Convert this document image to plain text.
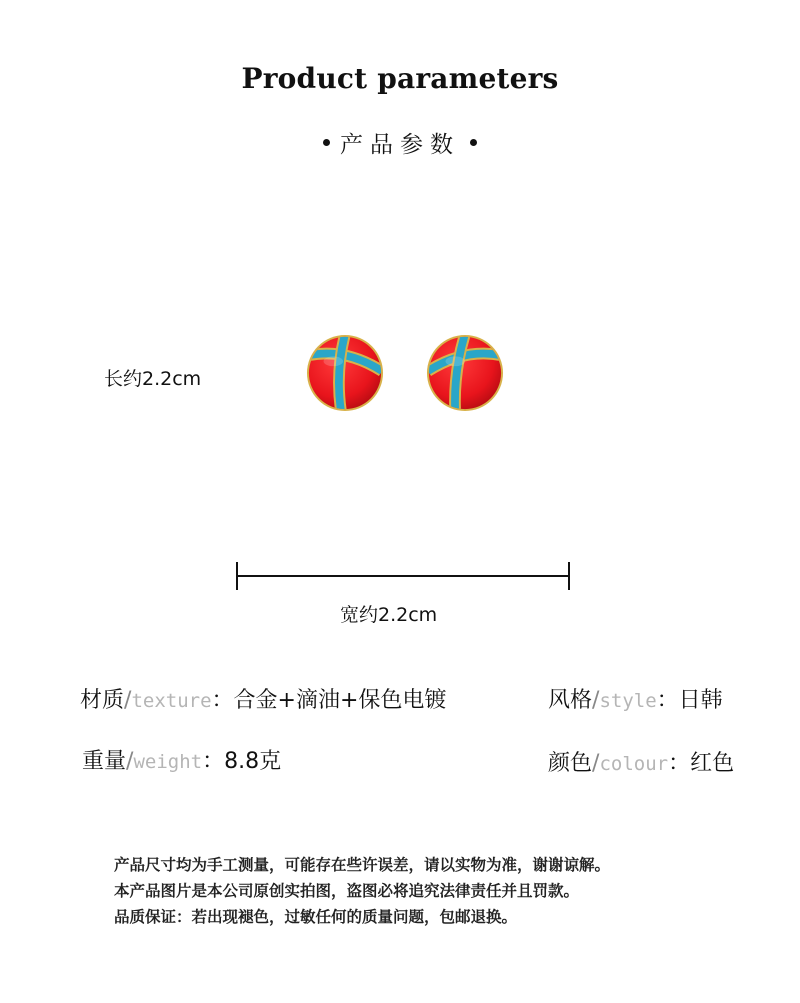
Product parameters
产品参数
长约2.2cm
宽约2.2cm
材质/texture：合金+滴油+保色电镀	风格/style：日韩
重量/weight：8.8克	颜色/colour：红色
产品尺寸均为手工测量，可能存在些许误差，请以实物为准，谢谢谅解。
本产品图片是本公司原创实拍图，盗图必将追究法律责任并且罚款。
品质保证：若出现褪色，过敏任何的质量问题，包邮退换。
